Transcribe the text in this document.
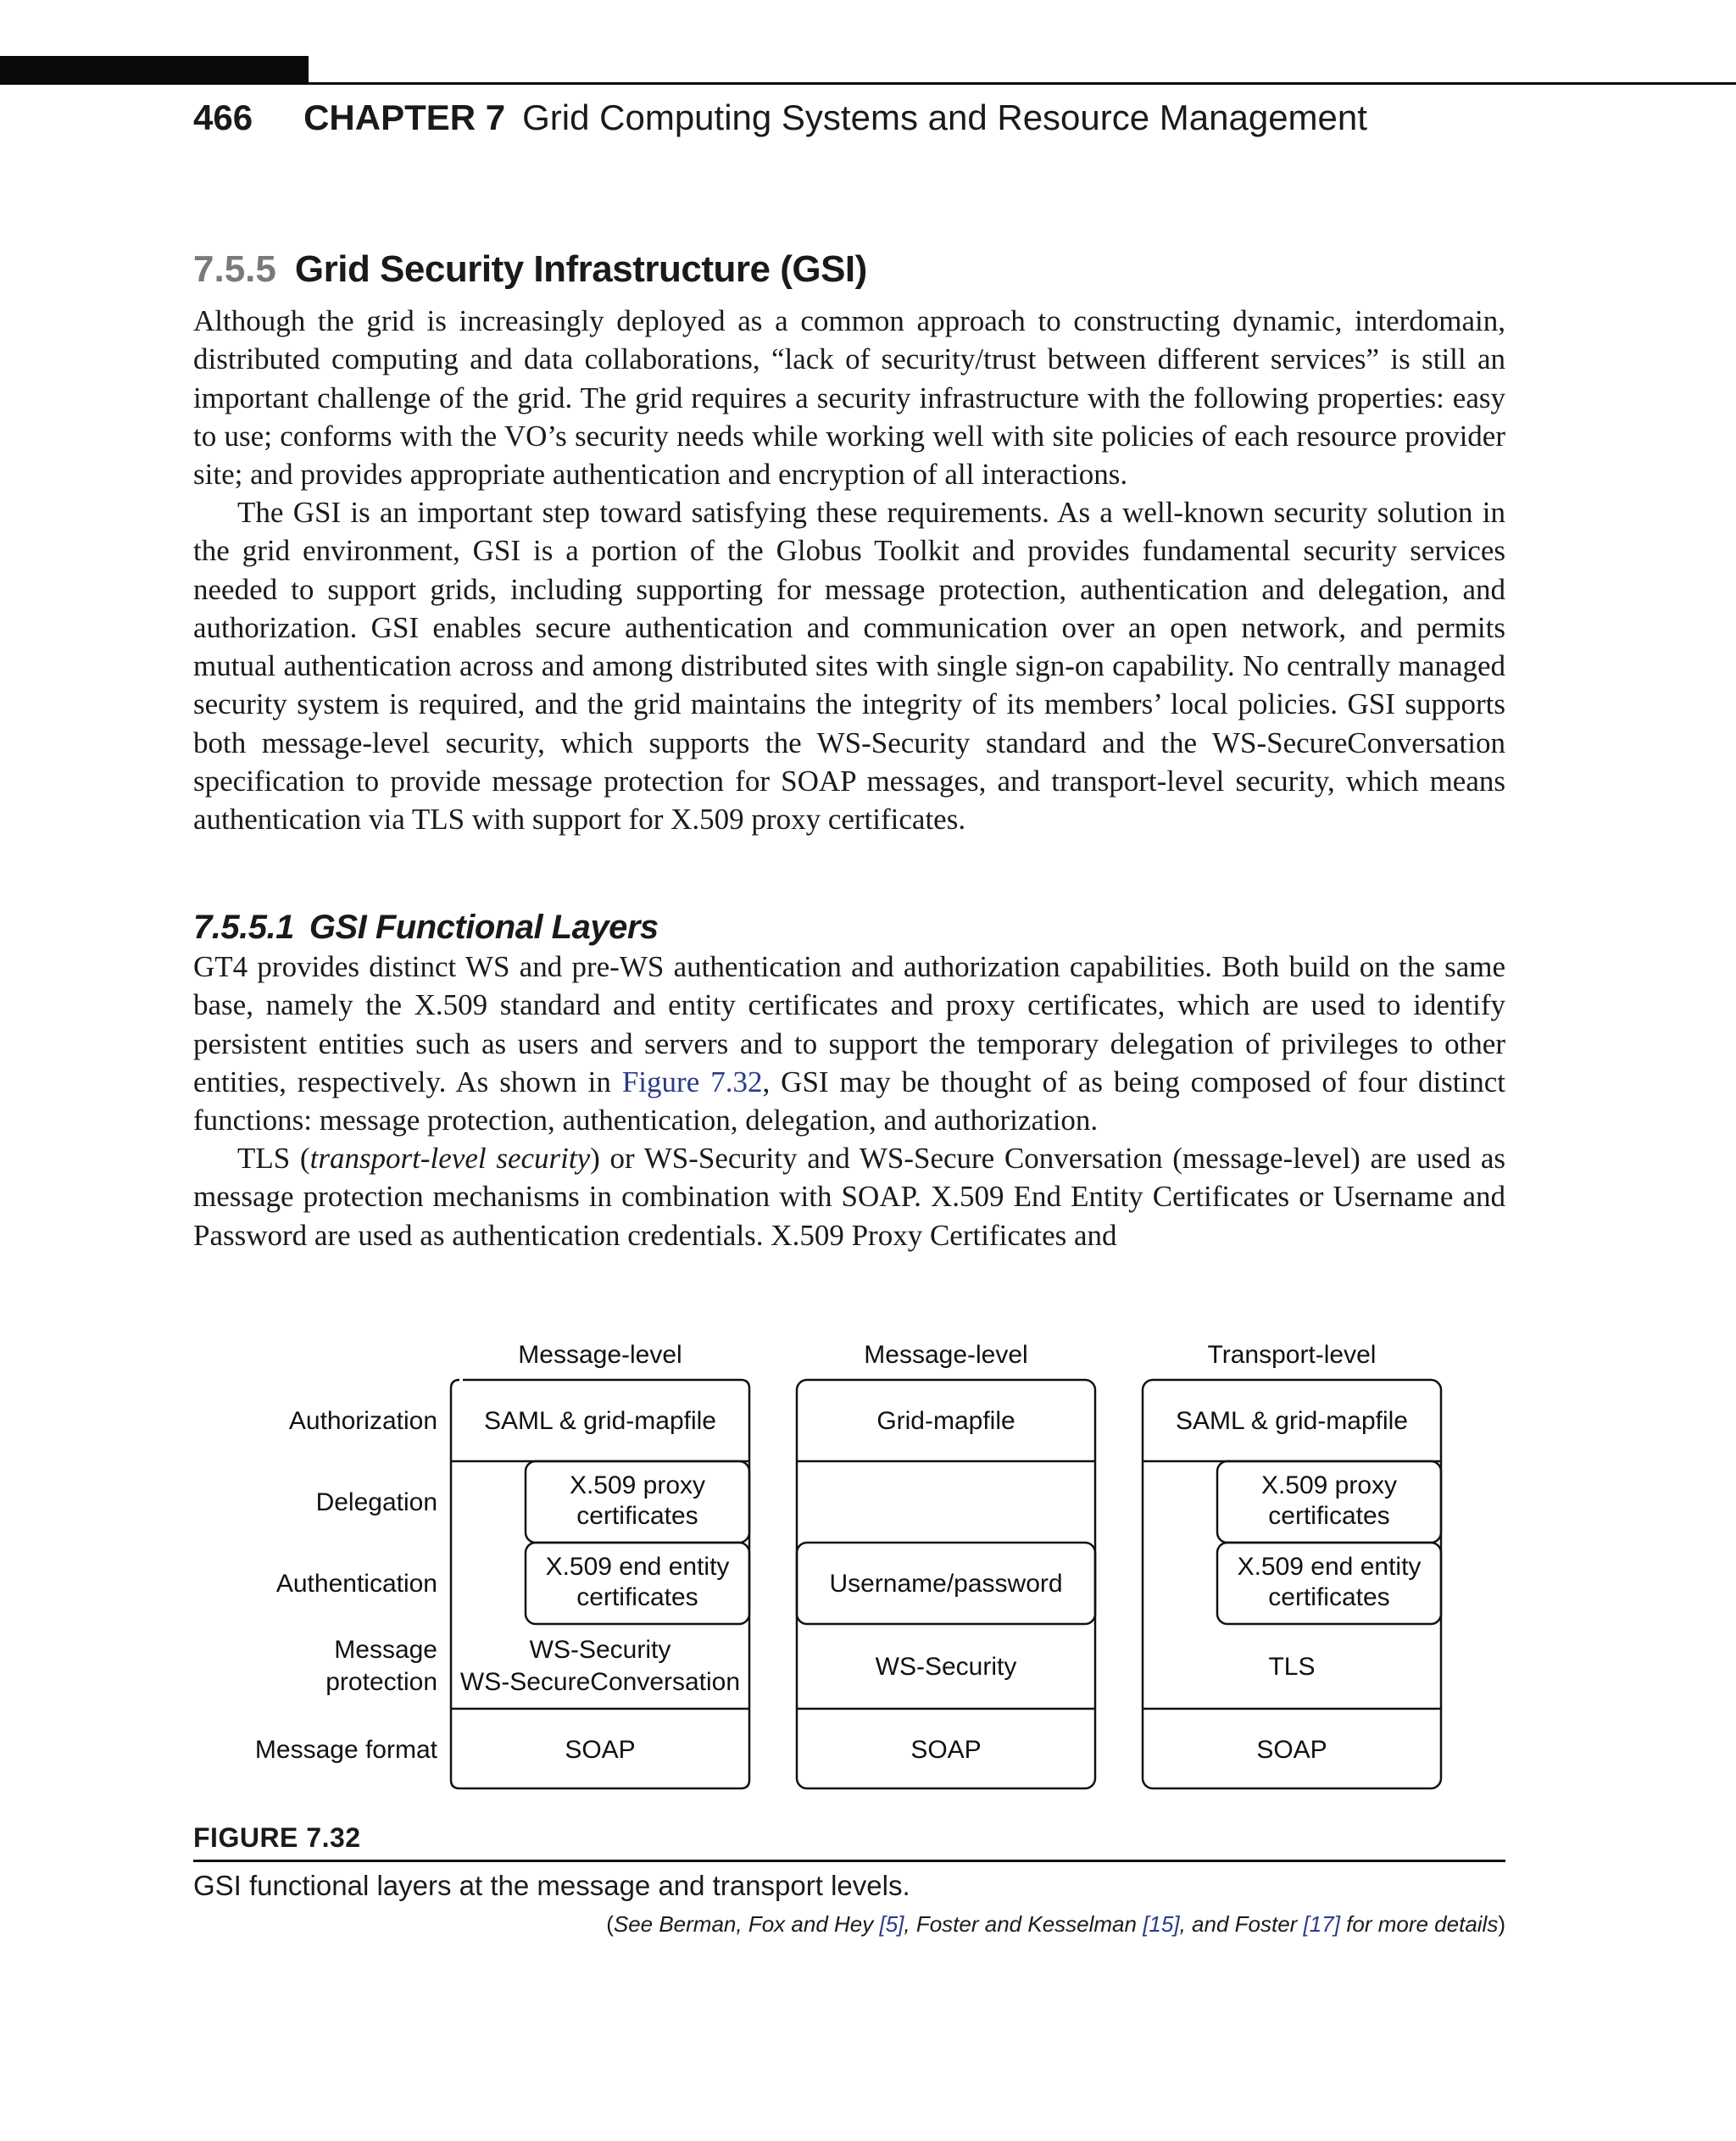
466 CHAPTER 7 Grid Computing Systems and Resource Management
7.5.5 Grid Security Infrastructure (GSI)

Although the grid is increasingly deployed as a common approach to constructing dynamic, interdomain, distributed computing and data collaborations, “lack of security/trust between different services” is still an important challenge of the grid. The grid requires a security infrastructure with the following properties: easy to use; conforms with the VO’s security needs while working well with site policies of each resource provider site; and provides appropriate authentication and encryption of all interactions.

The GSI is an important step toward satisfying these requirements. As a well-known security solution in the grid environment, GSI is a portion of the Globus Toolkit and provides fundamental security services needed to support grids, including supporting for message protection, authentication and delegation, and authorization. GSI enables secure authentication and communication over an open network, and permits mutual authentication across and among distributed sites with single sign-on capability. No centrally managed security system is required, and the grid maintains the integrity of its members’ local policies. GSI supports both message-level security, which supports the WS-Security standard and the WS-SecureConversation specification to provide message protection for SOAP messages, and transport-level security, which means authentication via TLS with support for X.509 proxy certificates.

7.5.5.1 GSI Functional Layers

GT4 provides distinct WS and pre-WS authentication and authorization capabilities. Both build on the same base, namely the X.509 standard and entity certificates and proxy certificates, which are used to identify persistent entities such as users and servers and to support the temporary delegation of privileges to other entities, respectively. As shown in Figure 7.32, GSI may be thought of as being composed of four distinct functions: message protection, authentication, delegation, and authorization.

TLS (transport-level security) or WS-Security and WS-Secure Conversation (message-level) are used as message protection mechanisms in combination with SOAP. X.509 End Entity Certificates or Username and Password are used as authentication credentials. X.509 Proxy Certificates and

Message-level	Message-level	Transport-level
Authorization
Delegation
Authentication
Message
protection
Message format
SAML & grid-mapfile
X.509 proxy
certificates
X.509 end entity
certificates
WS-Security
WS-SecureConversation
SOAP
Grid-mapfile
Username/password
WS-Security
SOAP
SAML & grid-mapfile
X.509 proxy
certificates
X.509 end entity
certificates
TLS
SOAP
FIGURE 7.32
GSI functional layers at the message and transport levels.
(See Berman, Fox and Hey [5], Foster and Kesselman [15], and Foster [17] for more details)
